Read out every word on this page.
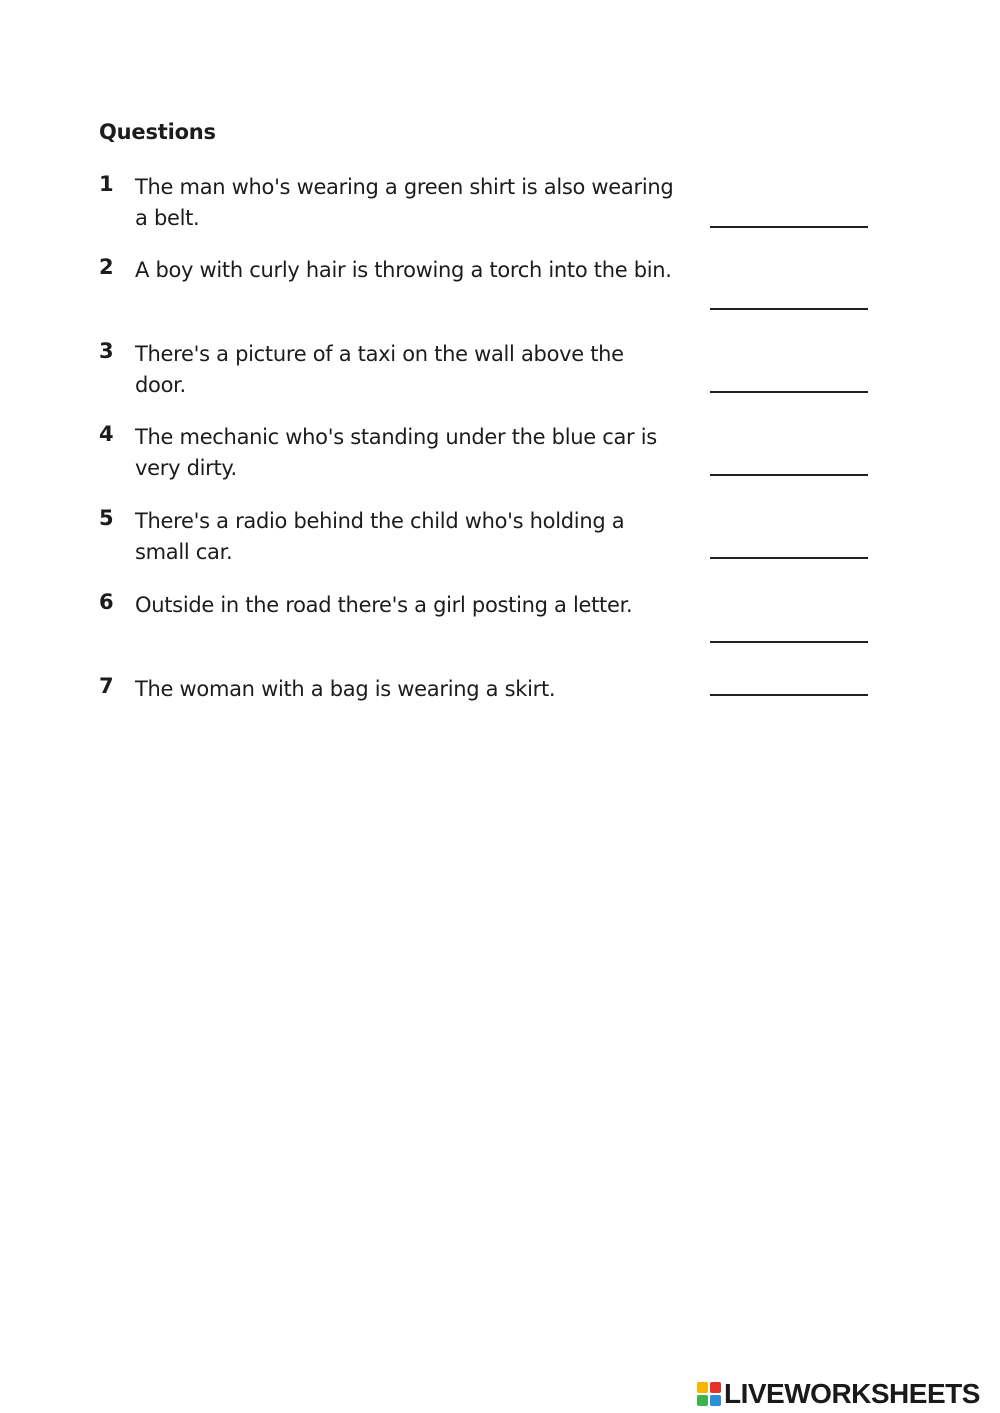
Questions
1	The man who's wearing a green shirt is also wearing a belt.
2	A boy with curly hair is throwing a torch into the bin.
3	There's a picture of a taxi on the wall above the door.
4	The mechanic who's standing under the blue car is very dirty.
5	There's a radio behind the child who's holding a small car.
6	Outside in the road there's a girl posting a letter.
7	The woman with a bag is wearing a skirt.
LIVEWORKSHEETS
